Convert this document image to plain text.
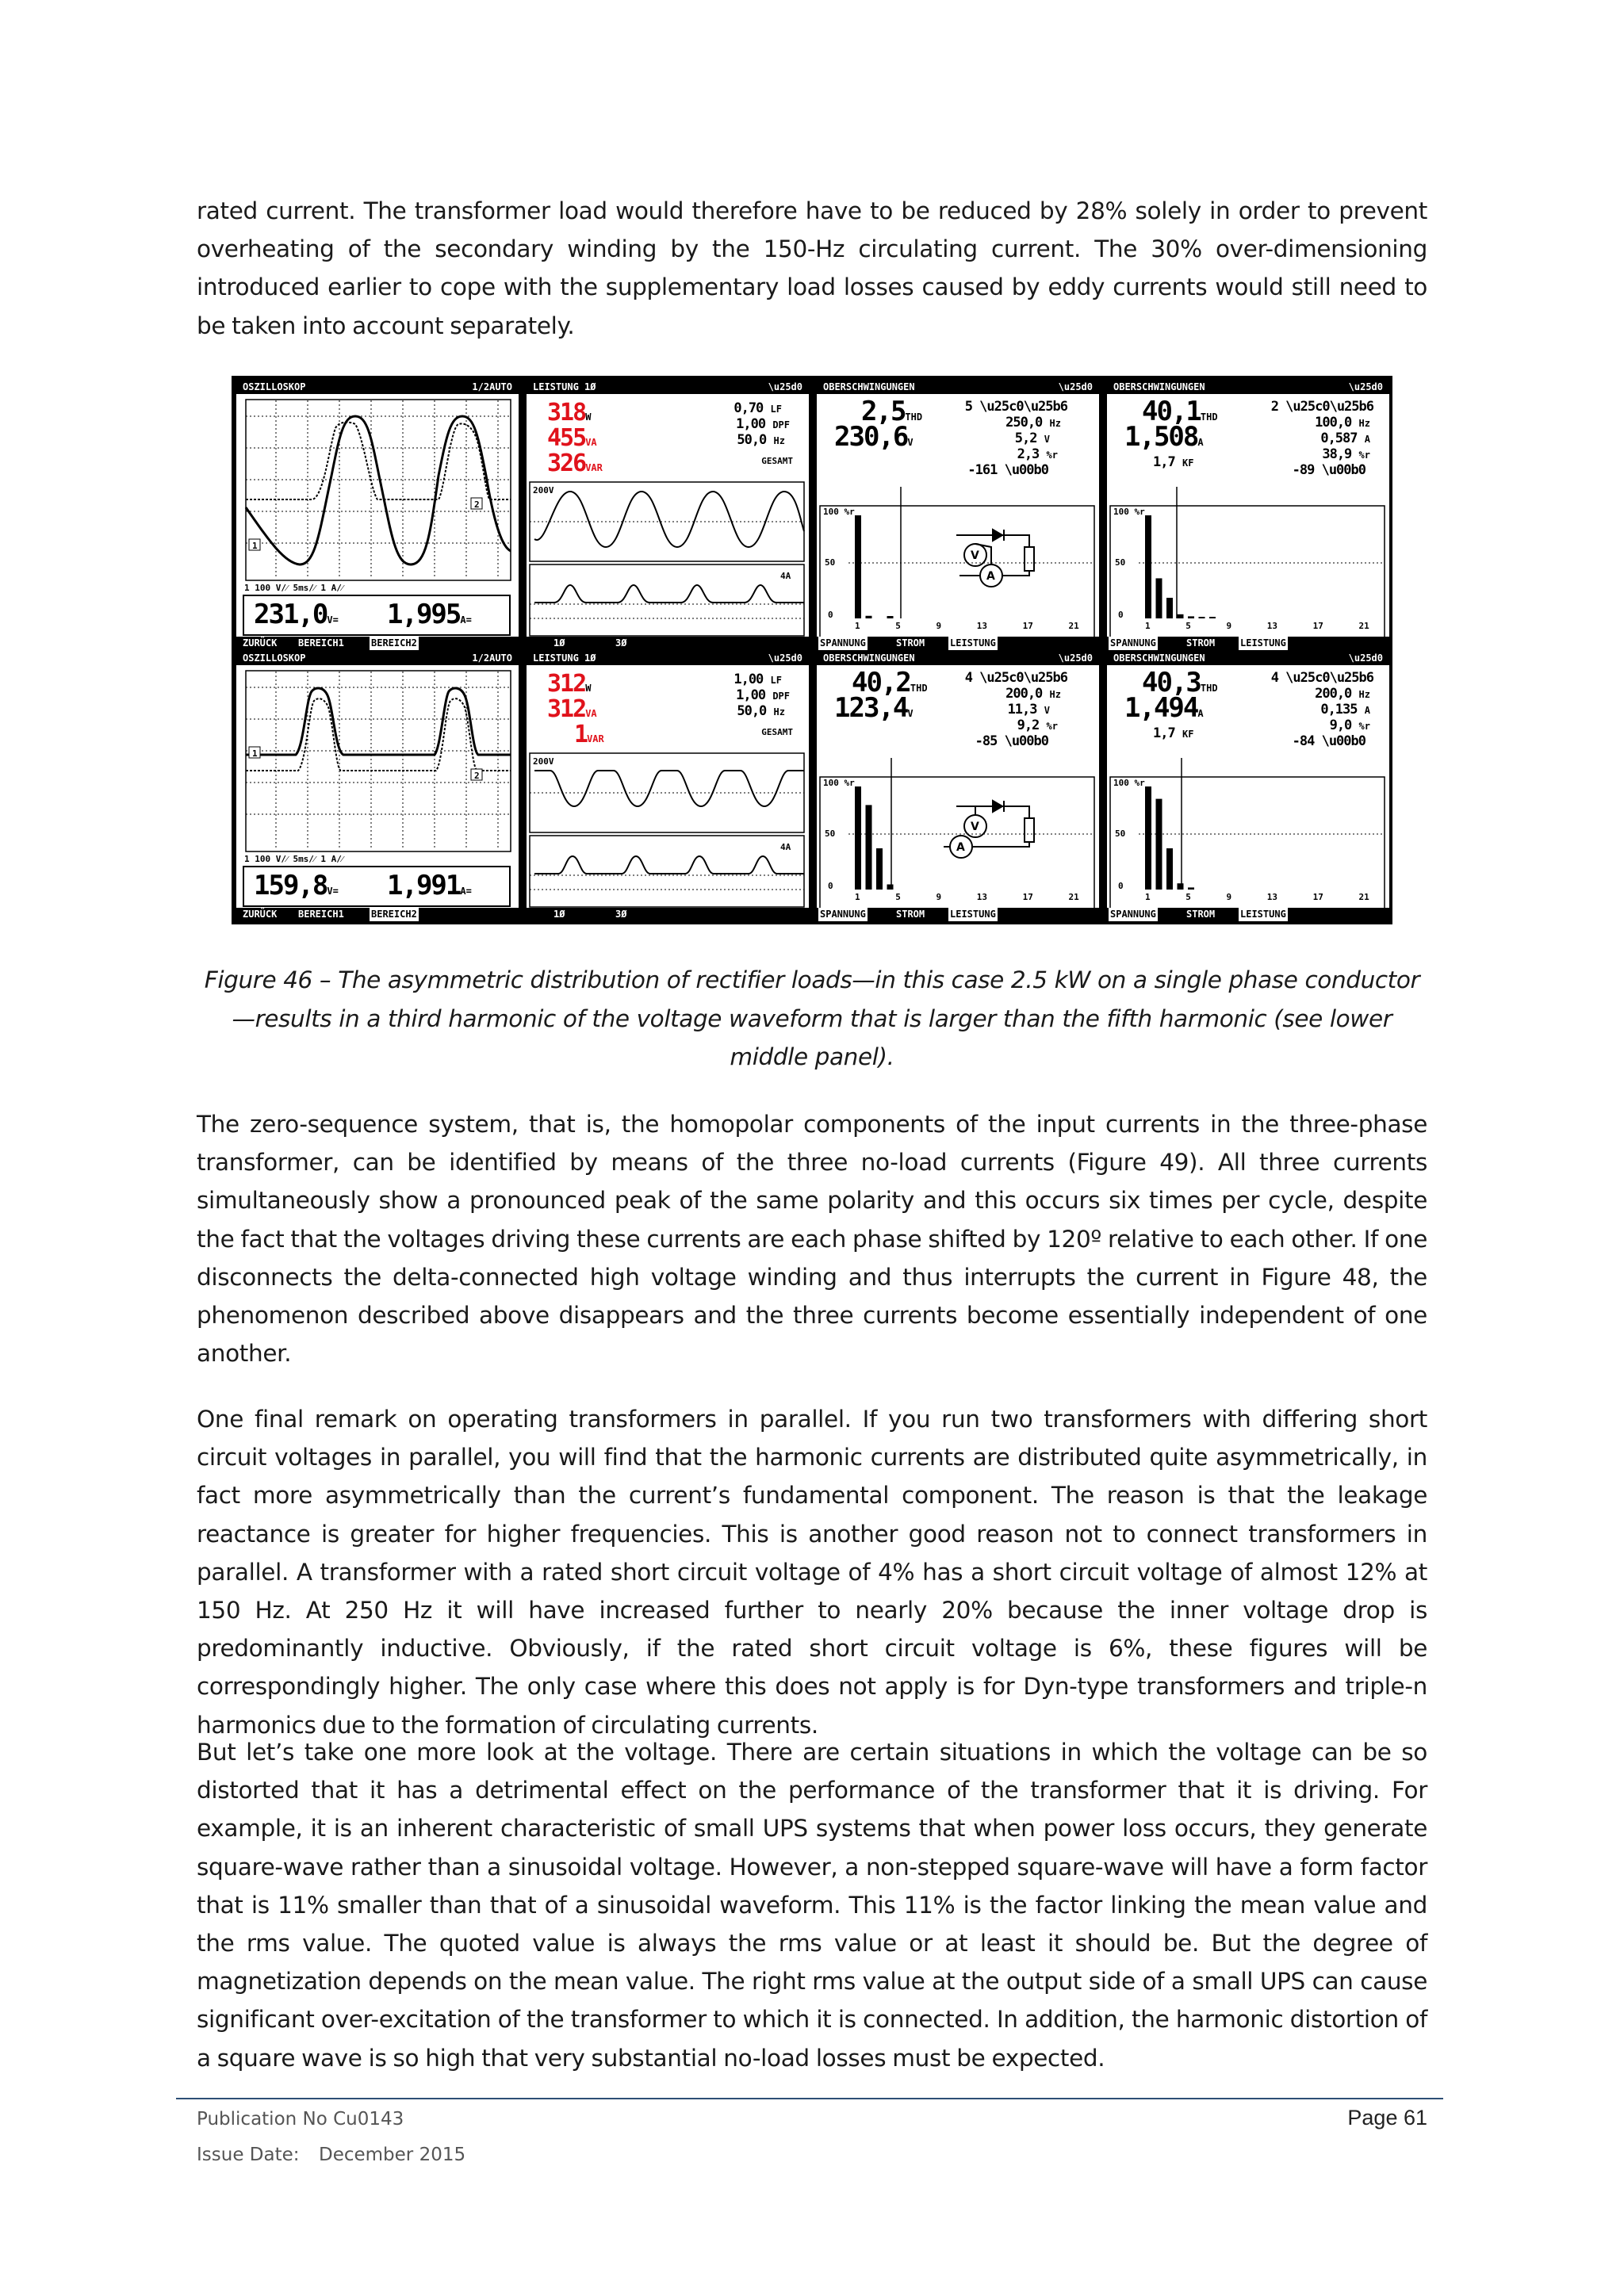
rated current. The transformer load would therefore have to be reduced by 28% solely in order to prevent overheating of the secondary winding by the 150-Hz circulating current. The 30% over-dimensioning introduced earlier to cope with the supplementary load losses caused by eddy currents would still need to be taken into account separately.

OSZILLOSKOP	1/2AUTO
1
2
1 100 V/⁄ 5ms/⁄ 1 A/⁄
231,0V= 1,995A=
ZURÜCK BEREICH1	BEREICH2
LEISTUNG 1Ø	\u25d0
318W
455VA
326VAR
0,70 LF
1,00 DPF
50,0 Hz
GESAMT
200V
4A
1Ø	3Ø
OBERSCHWINGUNGEN	\u25d0
2,5THD
230,6V
5 \u25c0\u25b6
250,0 Hz
5,2 V
2,3 %r
-161 \u00b0
V
A
100 %r
50
0
1	5	9	13	17	21
SPANNUNG	STROM	LEISTUNG
OBERSCHWINGUNGEN	\u25d0
40,1THD
1,508A
1,7 KF
2 \u25c0\u25b6
100,0 Hz
0,587 A
38,9 %r
-89 \u00b0
100 %r
50
0
1	5	9	13	17	21
SPANNUNG	STROM	LEISTUNG
OSZILLOSKOP	1/2AUTO
1
2
1 100 V/⁄ 5ms/⁄ 1 A/⁄
159,8V= 1,991A=
ZURÜCK BEREICH1	BEREICH2
LEISTUNG 1Ø	\u25d0
312W
312VA
1VAR
1,00 LF
1,00 DPF
50,0 Hz
GESAMT
200V
4A
1Ø	3Ø
OBERSCHWINGUNGEN	\u25d0
40,2THD
123,4V
4 \u25c0\u25b6
200,0 Hz
11,3 V
9,2 %r
-85 \u00b0
V
A
100 %r
50
0
1	5	9	13	17	21
SPANNUNG	STROM	LEISTUNG
OBERSCHWINGUNGEN	\u25d0
40,3THD
1,494A
1,7 KF
4 \u25c0\u25b6
200,0 Hz
0,135 A
9,0 %r
-84 \u00b0
100 %r
50
0
1	5	9	13	17	21
SPANNUNG	STROM	LEISTUNG

Figure 46 – The asymmetric distribution of rectifier loads—in this case 2.5 kW on a single phase conductor—results in a third harmonic of the voltage waveform that is larger than the fifth harmonic (see lower middle panel).

The zero-sequence system, that is, the homopolar components of the input currents in the three-phase transformer, can be identified by means of the three no-load currents (Figure 49). All three currents simultaneously show a pronounced peak of the same polarity and this occurs six times per cycle, despite the fact that the voltages driving these currents are each phase shifted by 120º relative to each other. If one disconnects the delta-connected high voltage winding and thus interrupts the current in Figure 48, the phenomenon described above disappears and the three currents become essentially independent of one another.

One final remark on operating transformers in parallel. If you run two transformers with differing short circuit voltages in parallel, you will find that the harmonic currents are distributed quite asymmetrically, in fact more asymmetrically than the current’s fundamental component. The reason is that the leakage reactance is greater for higher frequencies. This is another good reason not to connect transformers in parallel. A transformer with a rated short circuit voltage of 4% has a short circuit voltage of almost 12% at 150 Hz. At 250 Hz it will have increased further to nearly 20% because the inner voltage drop is predominantly inductive. Obviously, if the rated short circuit voltage is 6%, these figures will be correspondingly higher. The only case where this does not apply is for Dyn-type transformers and triple-n harmonics due to the formation of circulating currents.

But let’s take one more look at the voltage. There are certain situations in which the voltage can be so distorted that it has a detrimental effect on the performance of the transformer that it is driving. For example, it is an inherent characteristic of small UPS systems that when power loss occurs, they generate square-wave rather than a sinusoidal voltage. However, a non-stepped square-wave will have a form factor that is 11% smaller than that of a sinusoidal waveform. This 11% is the factor linking the mean value and the rms value. The quoted value is always the rms value or at least it should be. But the degree of magnetization depends on the mean value. The right rms value at the output side of a small UPS can cause significant over-excitation of the transformer to which it is connected. In addition, the harmonic distortion of a square wave is so high that very substantial no-load losses must be expected.

Publication No Cu0143
Issue Date: December 2015
Page 61
